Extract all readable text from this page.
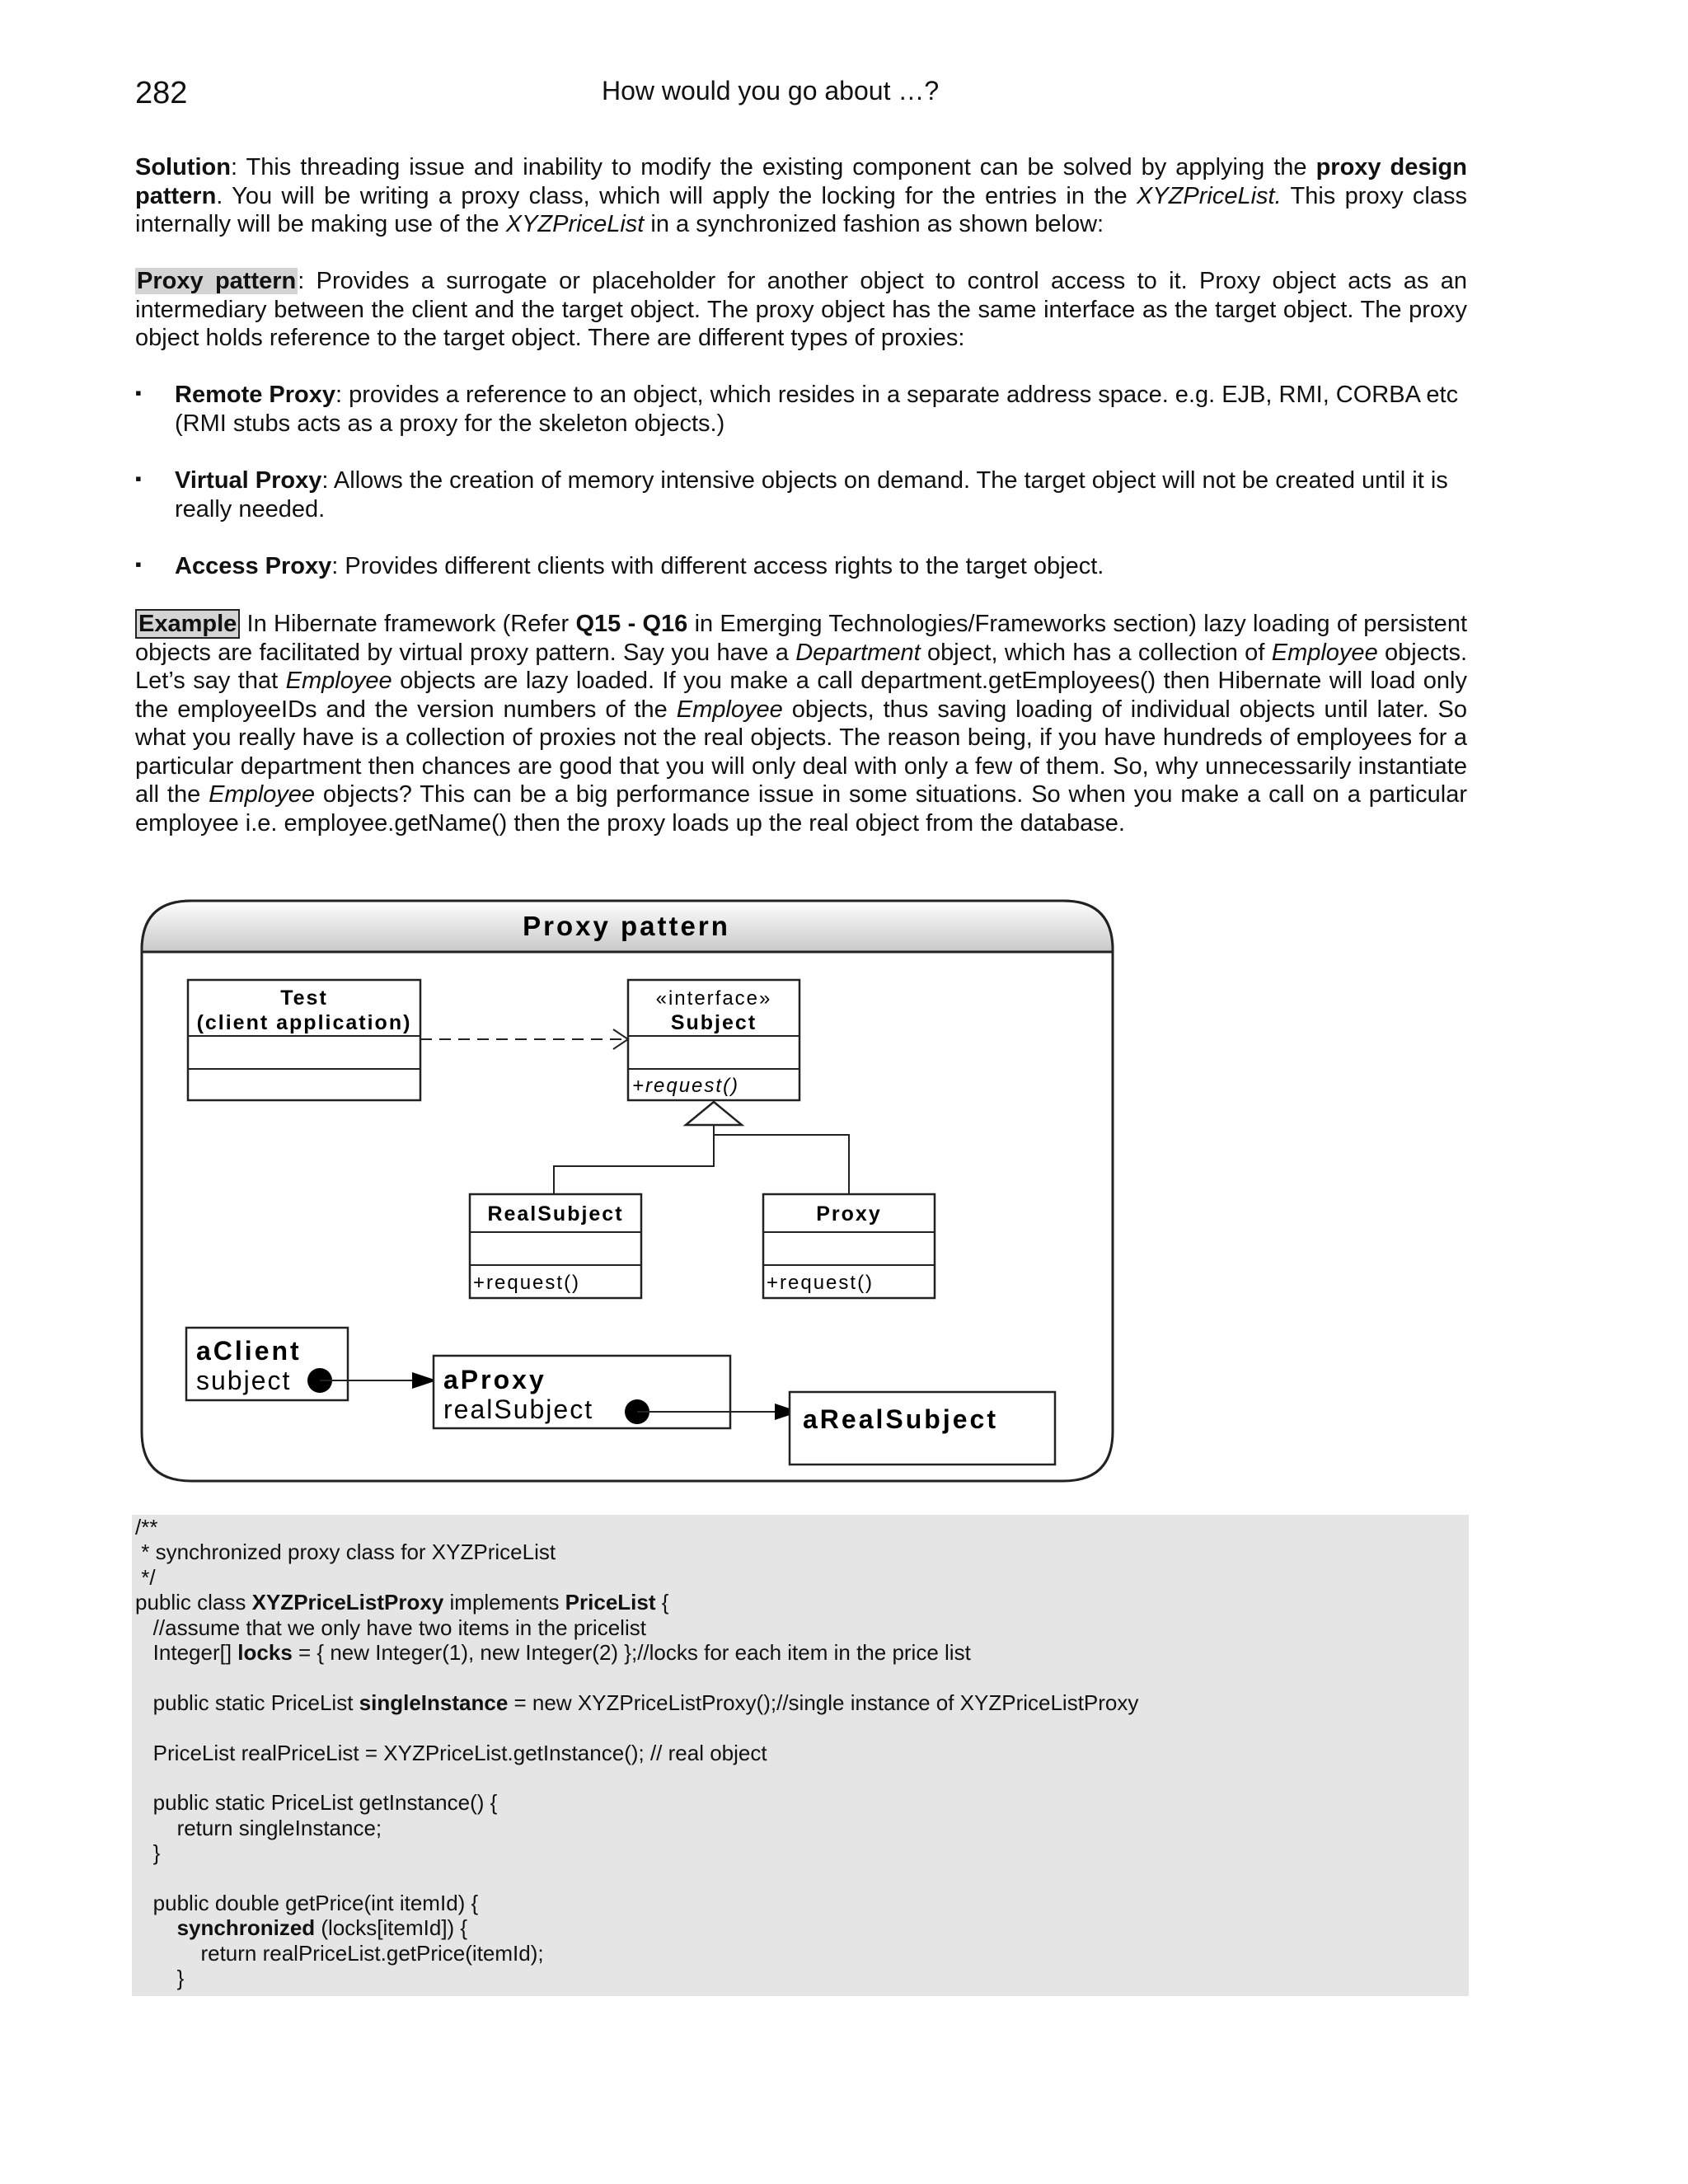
282	How would you go about …?

Solution: This threading issue and inability to modify the existing component can be solved by applying the proxy design pattern. You will be writing a proxy class, which will apply the locking for the entries in the XYZPriceList. This proxy class internally will be making use of the XYZPriceList in a synchronized fashion as shown below:

Proxy pattern: Provides a surrogate or placeholder for another object to control access to it. Proxy object acts as an intermediary between the client and the target object. The proxy object has the same interface as the target object. The proxy object holds reference to the target object. There are different types of proxies:

▪ Remote Proxy: provides a reference to an object, which resides in a separate address space. e.g. EJB, RMI, CORBA etc (RMI stubs acts as a proxy for the skeleton objects.)
▪ Virtual Proxy: Allows the creation of memory intensive objects on demand. The target object will not be created until it is really needed.
▪ Access Proxy: Provides different clients with different access rights to the target object.

Example In Hibernate framework (Refer Q15 - Q16 in Emerging Technologies/Frameworks section) lazy loading of persistent objects are facilitated by virtual proxy pattern. Say you have a Department object, which has a collection of Employee objects. Let’s say that Employee objects are lazy loaded. If you make a call department.getEmployees() then Hibernate will load only the employeeIDs and the version numbers of the Employee objects, thus saving loading of individual objects until later. So what you really have is a collection of proxies not the real objects. The reason being, if you have hundreds of employees for a particular department then chances are good that you will only deal with only a few of them. So, why unnecessarily instantiate all the Employee objects? This can be a big performance issue in some situations. So when you make a call on a particular employee i.e. employee.getName() then the proxy loads up the real object from the database.

Proxy pattern
Test
(client application)
«interface»
Subject
+request()
RealSubject
+request()
Proxy
+request()
aClient
subject	aProxy
realSubject	aRealSubject
/**
* synchronized proxy class for XYZPriceList
*/
public class XYZPriceListProxy implements PriceList {
//assume that we only have two items in the pricelist
Integer[] locks = { new Integer(1), new Integer(2) };//locks for each item in the price list
public static PriceList singleInstance = new XYZPriceListProxy();//single instance of XYZPriceListProxy
PriceList realPriceList = XYZPriceList.getInstance(); // real object
public static PriceList getInstance() {
return singleInstance;
}
public double getPrice(int itemId) {
synchronized (locks[itemId]) {
return realPriceList.getPrice(itemId);
}
